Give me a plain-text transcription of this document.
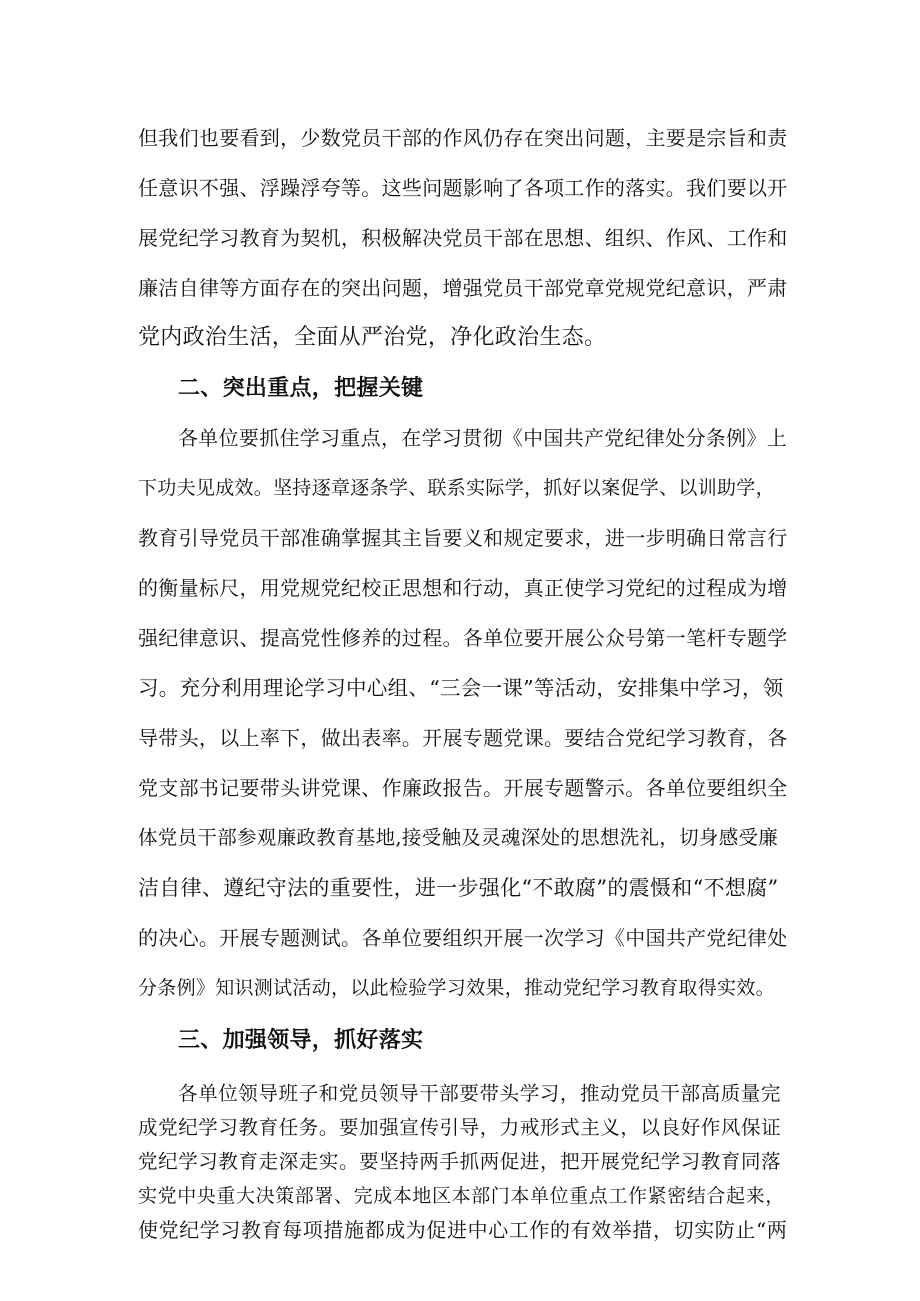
但我们也要看到，少数党员干部的作风仍存在突出问题，主要是宗旨和责
任意识不强、浮躁浮夸等。这些问题影响了各项工作的落实。我们要以开
展党纪学习教育为契机，积极解决党员干部在思想、组织、作风、工作和
廉洁自律等方面存在的突出问题，增强党员干部党章党规党纪意识，严肃
党内政治生活，全面从严治党，净化政治生态。
二、突出重点，把握关键
各单位要抓住学习重点，在学习贯彻《中国共产党纪律处分条例》上
下功夫见成效。坚持逐章逐条学、联系实际学，抓好以案促学、以训助学，
教育引导党员干部准确掌握其主旨要义和规定要求，进一步明确日常言行
的衡量标尺，用党规党纪校正思想和行动，真正使学习党纪的过程成为增
强纪律意识、提高党性修养的过程。各单位要开展公众号第一笔杆专题学
习。充分利用理论学习中心组、“三会一课”等活动，安排集中学习，领
导带头，以上率下，做出表率。开展专题党课。要结合党纪学习教育，各
党支部书记要带头讲党课、作廉政报告。开展专题警示。各单位要组织全
体党员干部参观廉政教育基地,接受触及灵魂深处的思想洗礼，切身感受廉
洁自律、遵纪守法的重要性，进一步强化“不敢腐”的震慑和“不想腐”
的决心。开展专题测试。各单位要组织开展一次学习《中国共产党纪律处
分条例》知识测试活动，以此检验学习效果，推动党纪学习教育取得实效。
三、加强领导，抓好落实
各单位领导班子和党员领导干部要带头学习，推动党员干部高质量完
成党纪学习教育任务。要加强宣传引导，力戒形式主义，以良好作风保证
党纪学习教育走深走实。要坚持两手抓两促进，把开展党纪学习教育同落
实党中央重大决策部署、完成本地区本部门本单位重点工作紧密结合起来，
使党纪学习教育每项措施都成为促进中心工作的有效举措，切实防止“两
